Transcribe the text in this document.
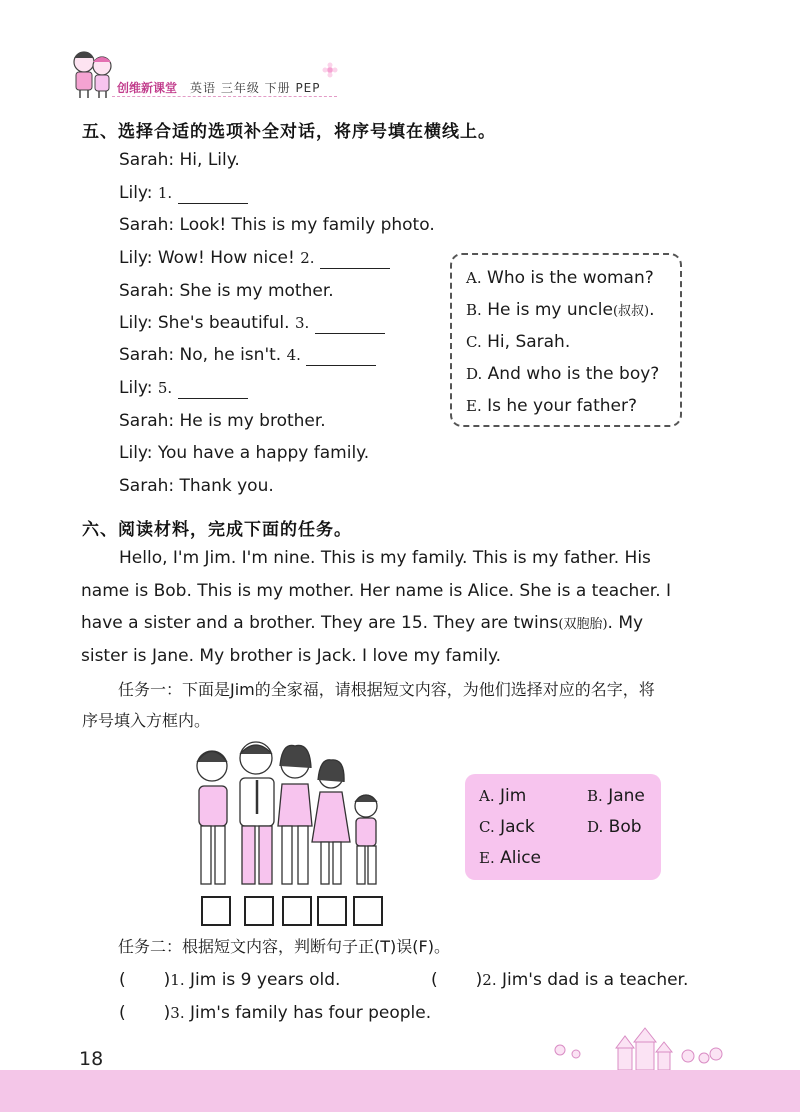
创维新课堂 英语 三年级 下册 PEP
五、选择合适的选项补全对话，将序号填在横线上。
Sarah: Hi, Lily.
Lily: 1.
Sarah: Look! This is my family photo.
Lily: Wow! How nice! 2.
Sarah: She is my mother.
Lily: She's beautiful. 3.
Sarah: No, he isn't. 4.
Lily: 5.
Sarah: He is my brother.
Lily: You have a happy family.
Sarah: Thank you.
A. Who is the woman?
B. He is my uncle(叔叔).
C. Hi, Sarah.
D. And who is the boy?
E. Is he your father?
六、阅读材料，完成下面的任务。
Hello, I'm Jim. I'm nine. This is my family. This is my father. His
name is Bob. This is my mother. Her name is Alice. She is a teacher. I
have a sister and a brother. They are 15. They are twins(双胞胎). My
sister is Jane. My brother is Jack. I love my family.
任务一：下面是Jim的全家福，请根据短文内容，为他们选择对应的名字，将
序号填入方框内。
A. Jim	B. Jane
C. Jack	D. Bob
E. Alice
任务二：根据短文内容，判断句子正(T)误(F)。
( )1. Jim is 9 years old.	( )2. Jim's dad is a teacher.
( )3. Jim's family has four people.
18
